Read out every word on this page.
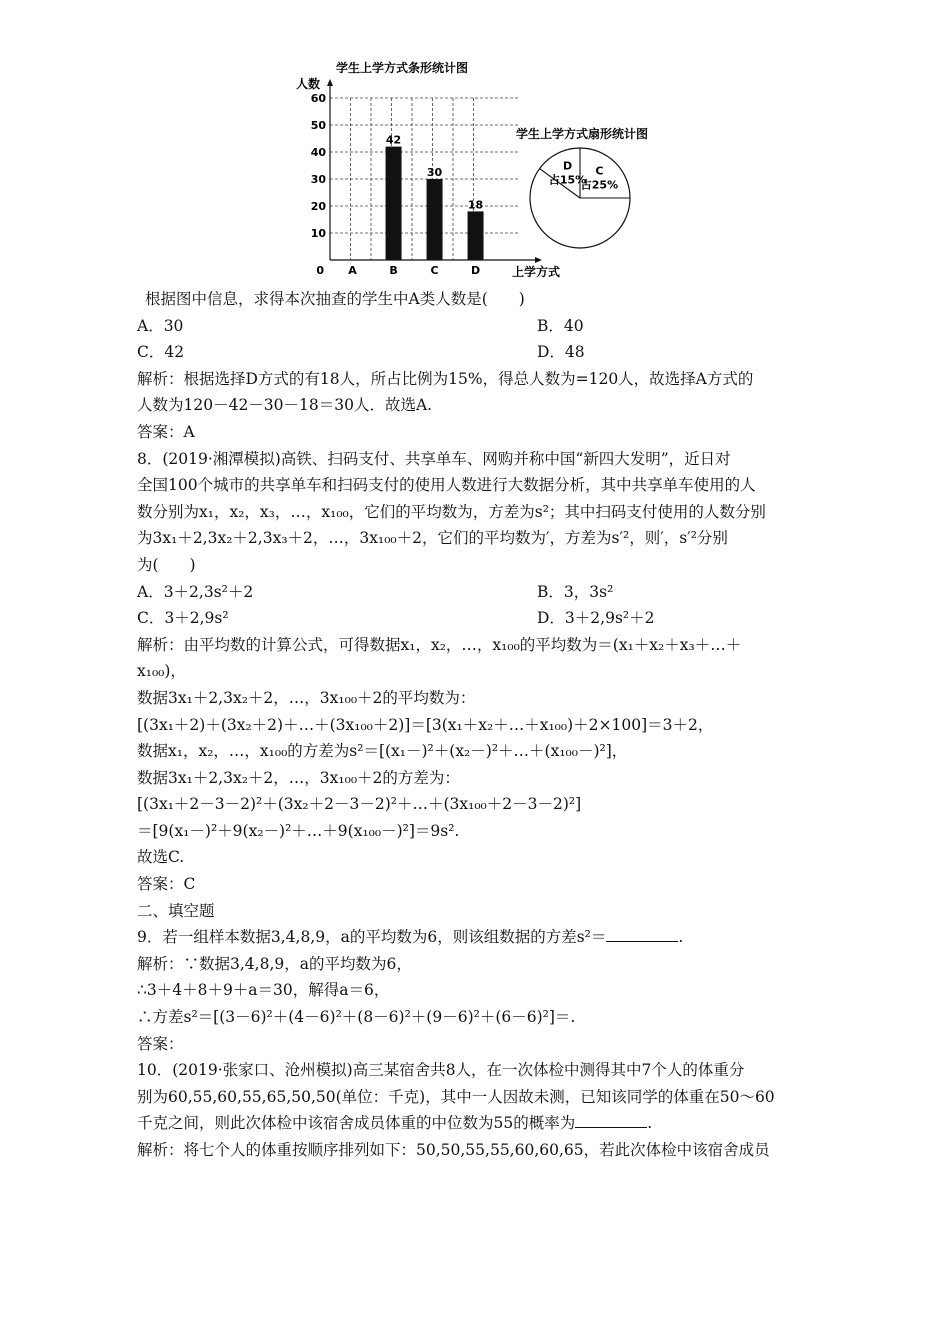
10
20
30
40
50
60
0
人数
上学方式
学生上学方式条形统计图
A	B
42
C
30
D
18
学生上学方式扇形统计图
D
占15%
C
占25%
根据图中信息，求得本次抽查的学生中A类人数是(　　)
A．30	B．40
C．42	D．48
解析：根据选择D方式的有18人，所占比例为15%，得总人数为=120人，故选择A方式的
人数为120－42－30－18＝30人．故选A.
答案：A
8．(2019·湘潭模拟)高铁、扫码支付、共享单车、网购并称中国“新四大发明”，近日对
全国100个城市的共享单车和扫码支付的使用人数进行大数据分析，其中共享单车使用的人
数分别为x₁，x₂，x₃，…，x₁₀₀，它们的平均数为，方差为s²；其中扫码支付使用的人数分别
为3x₁＋2,3x₂＋2,3x₃＋2，…，3x₁₀₀＋2，它们的平均数为′，方差为s′²，则′，s′²分别
为(　　)
A．3＋2,3s²＋2	B．3，3s²
C．3＋2,9s²	D．3＋2,9s²＋2
解析：由平均数的计算公式，可得数据x₁，x₂，…，x₁₀₀的平均数为＝(x₁＋x₂＋x₃＋…＋
x₁₀₀)，
数据3x₁＋2,3x₂＋2，…，3x₁₀₀＋2的平均数为：
[(3x₁＋2)＋(3x₂＋2)＋…＋(3x₁₀₀＋2)]＝[3(x₁＋x₂＋…＋x₁₀₀)＋2×100]＝3＋2，
数据x₁，x₂，…，x₁₀₀的方差为s²＝[(x₁－)²＋(x₂－)²＋…＋(x₁₀₀－)²]，
数据3x₁＋2,3x₂＋2，…，3x₁₀₀＋2的方差为：
[(3x₁＋2－3－2)²＋(3x₂＋2－3－2)²＋…＋(3x₁₀₀＋2－3－2)²]
＝[9(x₁－)²＋9(x₂－)²＋…＋9(x₁₀₀－)²]＝9s².
故选C.
答案：C
二、填空题
9．若一组样本数据3,4,8,9，a的平均数为6，则该组数据的方差s²＝	.
解析：∵数据3,4,8,9，a的平均数为6，
∴3＋4＋8＋9＋a＝30，解得a＝6，
∴方差s²＝[(3－6)²＋(4－6)²＋(8－6)²＋(9－6)²＋(6－6)²]＝.
答案：
10．(2019·张家口、沧州模拟)高三某宿舍共8人，在一次体检中测得其中7个人的体重分
别为60,55,60,55,65,50,50(单位：千克)，其中一人因故未测，已知该同学的体重在50～60
千克之间，则此次体检中该宿舍成员体重的中位数为55的概率为	.
解析：将七个人的体重按顺序排列如下：50,50,55,55,60,60,65，若此次体检中该宿舍成员
